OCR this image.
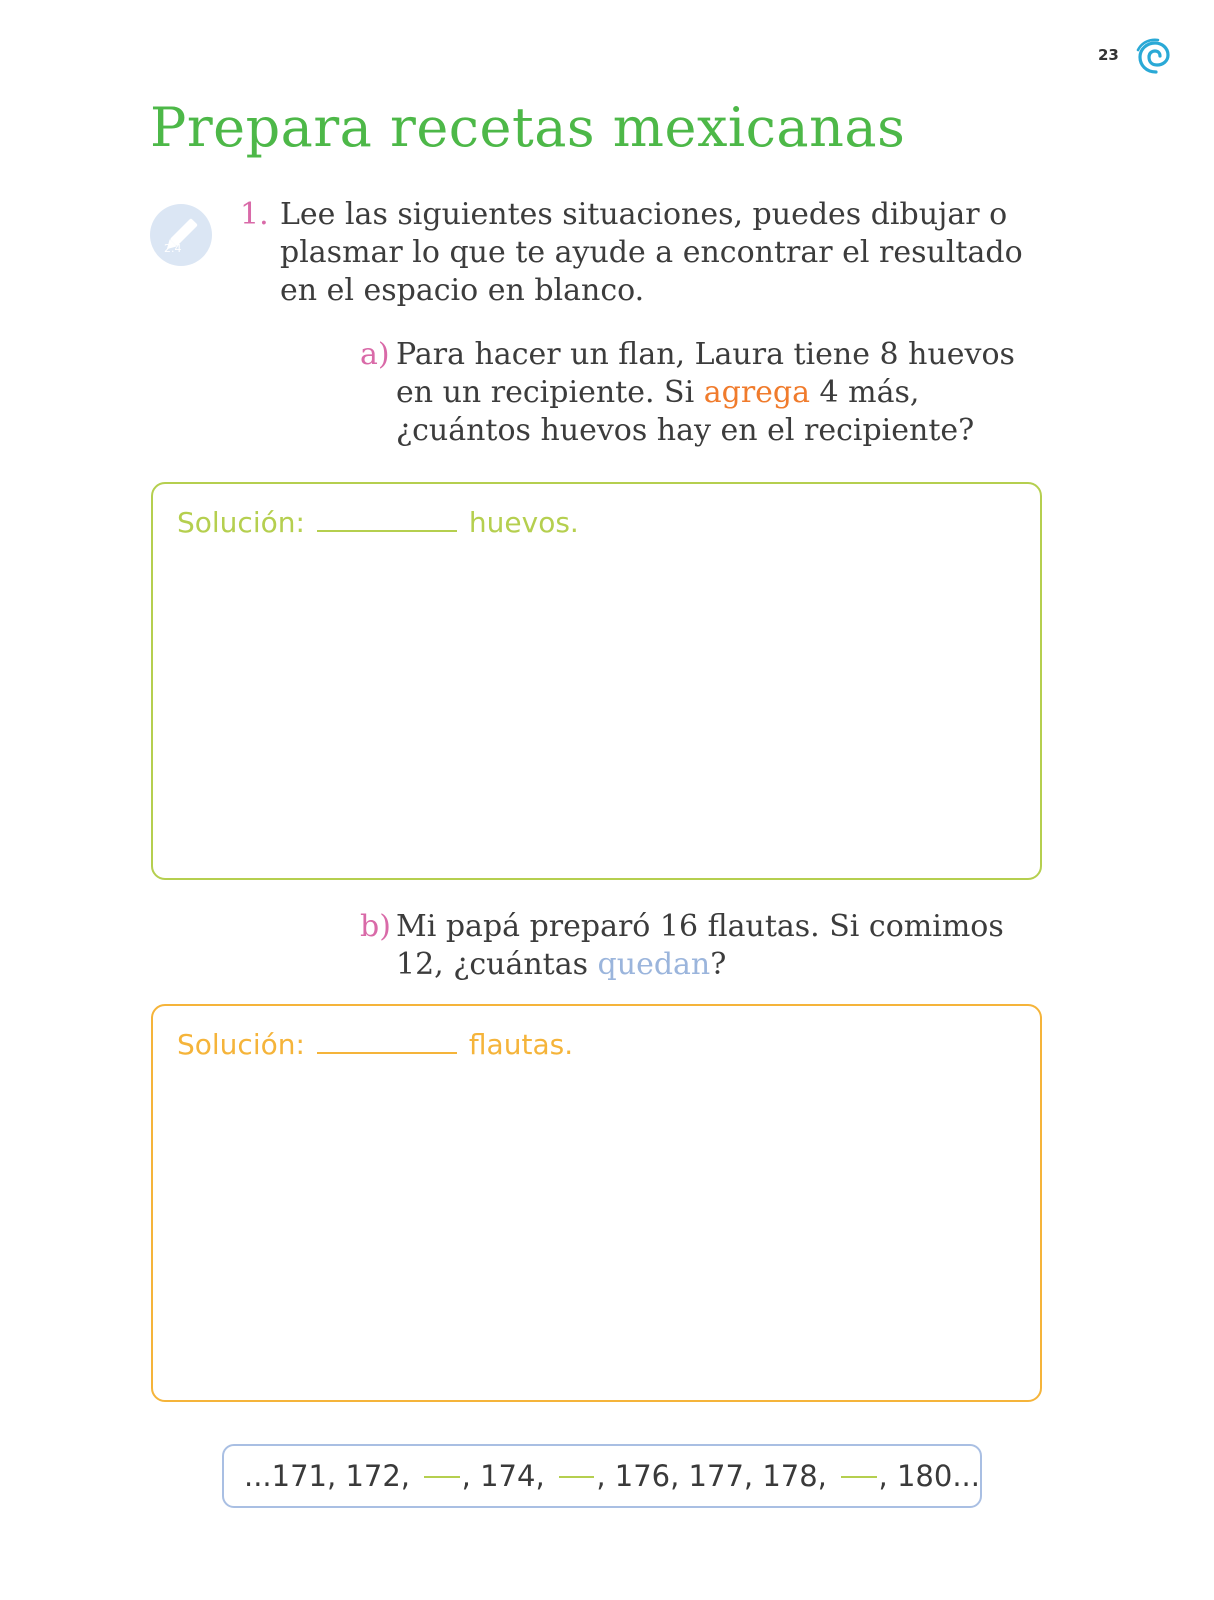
23
Prepara recetas mexicanas
2.4
1. Lee las siguientes situaciones, puedes dibujar o plasmar lo que te ayude a encontrar el resultado en el espacio en blanco.
a) Para hacer un flan, Laura tiene 8 huevos en un recipiente. Si agrega 4 más, ¿cuántos huevos hay en el recipiente?
Solución:	huevos.
b) Mi papá preparó 16 flautas. Si comimos 12, ¿cuántas quedan?
Solución:	flautas.
...171, 172, , 174, , 176, 177, 178, , 180...
